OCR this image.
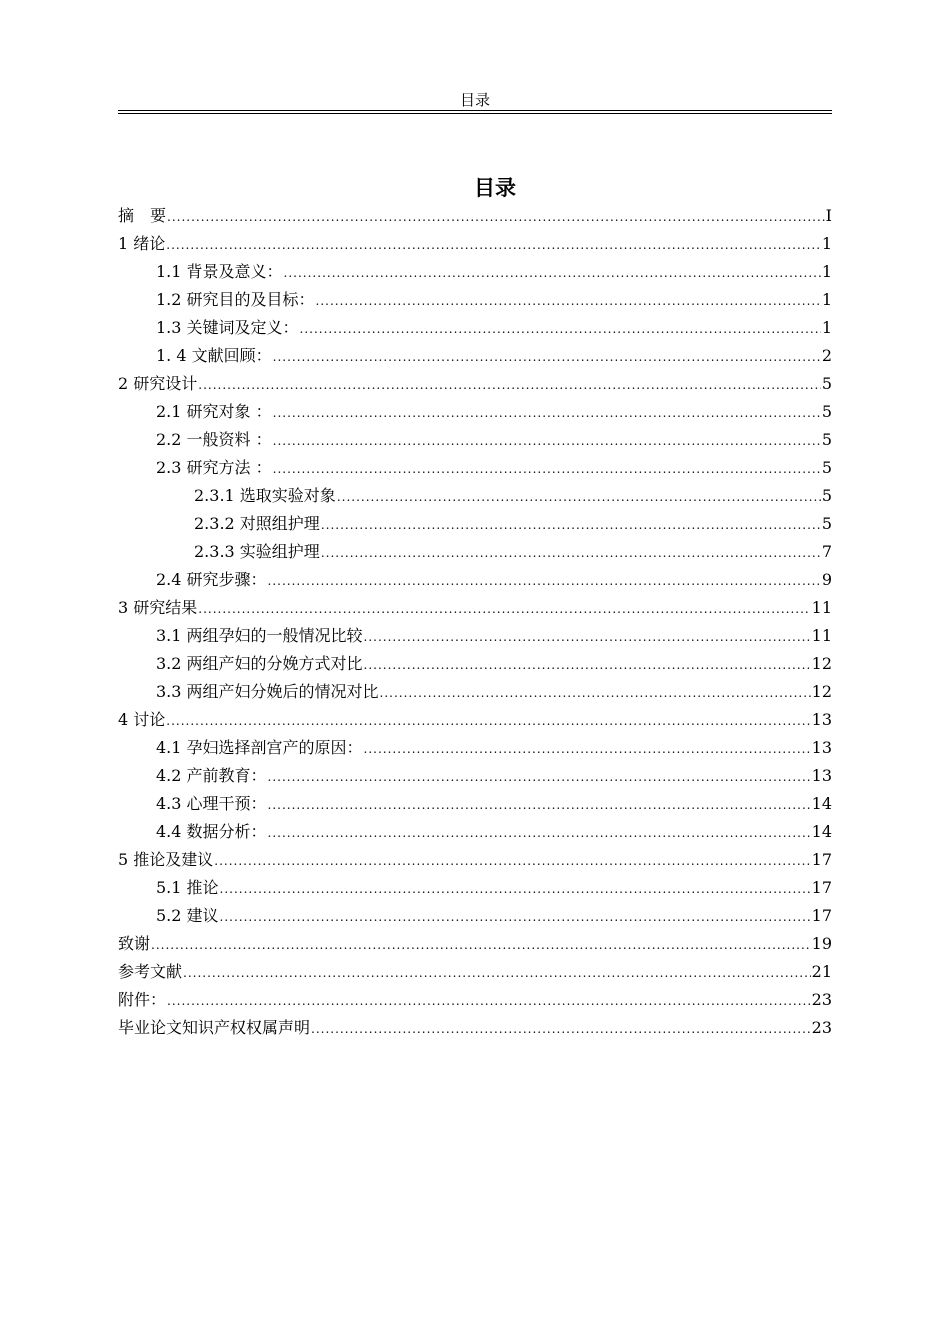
目录
目录
摘　要 .....	I
1 绪论 .....	1
1.1 背景及意义： .....	1
1.2 研究目的及目标： .....	1
1.3 关键词及定义： .....	1
1. 4 文献回顾： .....	2
2 研究设计 .....	5
2.1 研究对象 ： .....	5
2.2 一般资料 ： .....	5
2.3 研究方法 ： .....	5
2.3.1 选取实验对象 .....	5
2.3.2 对照组护理 .....	5
2.3.3 实验组护理 .....	7
2.4 研究步骤： .....	9
3 研究结果 .....	11
3.1 两组孕妇的一般情况比较 .....	11
3.2 两组产妇的分娩方式对比 .....	12
3.3 两组产妇分娩后的情况对比 .....	12
4 讨论 .....	13
4.1 孕妇选择剖宫产的原因： .....	13
4.2 产前教育： .....	13
4.3 心理干预： .....	14
4.4 数据分析： .....	14
5 推论及建议 .....	17
5.1 推论 .....	17
5.2 建议 .....	17
致谢 .....	19
参考文献 .....	21
附件： .....	23
毕业论文知识产权权属声明 .....	23
